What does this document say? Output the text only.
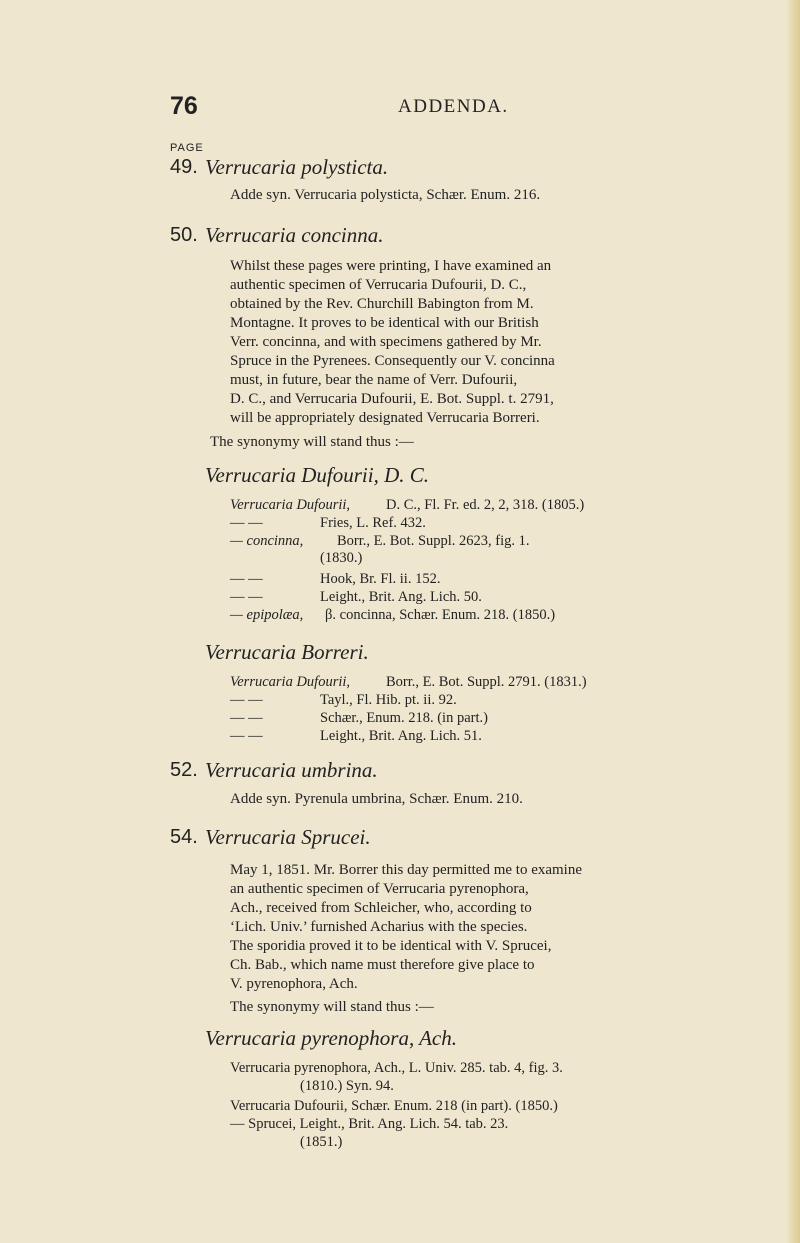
76	ADDENDA.
PAGE
49. Verrucaria polysticta.
Adde syn. Verrucaria polysticta, Schær. Enum. 216.
50. Verrucaria concinna.
Whilst these pages were printing, I have examined an
authentic specimen of Verrucaria Dufourii, D. C.,
obtained by the Rev. Churchill Babington from M.
Montagne. It proves to be identical with our British
Verr. concinna, and with specimens gathered by Mr.
Spruce in the Pyrenees. Consequently our V. concinna
must, in future, bear the name of Verr. Dufourii,
D. C., and Verrucaria Dufourii, E. Bot. Suppl. t. 2791,
will be appropriately designated Verrucaria Borreri.
The synonymy will stand thus :—
Verrucaria Dufourii, D. C.
Verrucaria Dufourii, D. C., Fl. Fr. ed. 2, 2, 318. (1805.)
— —	Fries, L. Ref. 432.
— concinna, Borr., E. Bot. Suppl. 2623, fig. 1.
(1830.)
— —	Hook, Br. Fl. ii. 152.
— —	Leight., Brit. Ang. Lich. 50.
— epipolæa, β. concinna, Schær. Enum. 218. (1850.)
Verrucaria Borreri.
Verrucaria Dufourii, Borr., E. Bot. Suppl. 2791. (1831.)
— —	Tayl., Fl. Hib. pt. ii. 92.
— —	Schær., Enum. 218. (in part.)
— —	Leight., Brit. Ang. Lich. 51.
52. Verrucaria umbrina.
Adde syn. Pyrenula umbrina, Schær. Enum. 210.
54. Verrucaria Sprucei.
May 1, 1851. Mr. Borrer this day permitted me to examine
an authentic specimen of Verrucaria pyrenophora,
Ach., received from Schleicher, who, according to
‘Lich. Univ.’ furnished Acharius with the species.
The sporidia proved it to be identical with V. Sprucei,
Ch. Bab., which name must therefore give place to
V. pyrenophora, Ach.
The synonymy will stand thus :—
Verrucaria pyrenophora, Ach.
Verrucaria pyrenophora, Ach., L. Univ. 285. tab. 4, fig. 3.
(1810.) Syn. 94.
Verrucaria Dufourii, Schær. Enum. 218 (in part). (1850.)
— Sprucei, Leight., Brit. Ang. Lich. 54. tab. 23.
(1851.)
